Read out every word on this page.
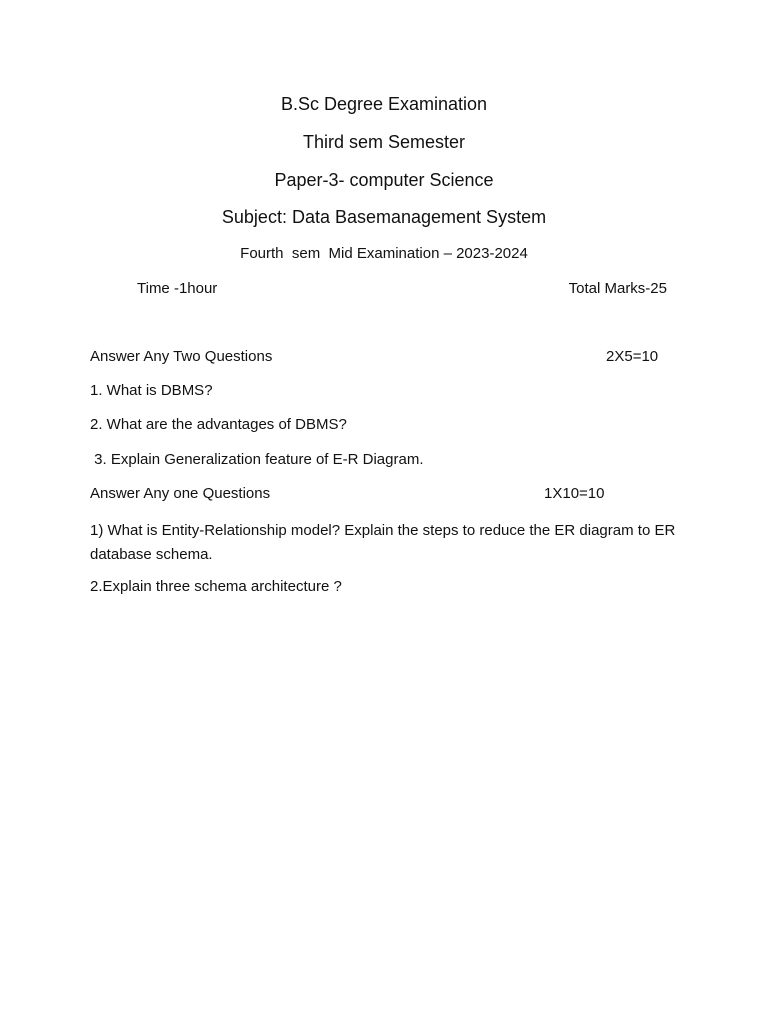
B.Sc Degree Examination
Third sem Semester
Paper-3- computer Science
Subject: Data Basemanagement System
Fourth  sem  Mid Examination – 2023-2024
Time -1hour	Total Marks-25
Answer Any Two Questions	2X5=10
1. What is DBMS?
2. What are the advantages of DBMS?
3. Explain Generalization feature of E-R Diagram.
Answer Any one Questions	1X10=10
1) What is Entity-Relationship model? Explain the steps to reduce the ER diagram to ER database schema.
2.Explain three schema architecture ?
